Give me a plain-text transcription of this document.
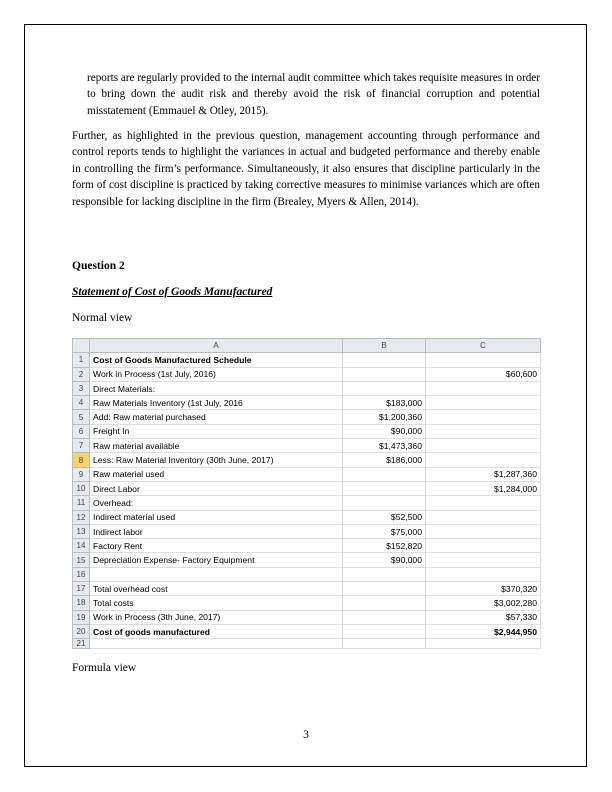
reports are regularly provided to the internal audit committee which takes requisite measures in order to bring down the audit risk and thereby avoid the risk of financial corruption and potential misstatement (Emmauel & Otley, 2015).
Further, as highlighted in the previous question, management accounting through performance and control reports tends to highlight the variances in actual and budgeted performance and thereby enable in controlling the firm’s performance. Simultaneously, it also ensures that discipline particularly in the form of cost discipline is practiced by taking corrective measures to minimise variances which are often responsible for lacking discipline in the firm (Brealey, Myers & Allen, 2014).
Question 2
Statement of Cost of Goods Manufactured
Normal view
	A	B	C
1	Cost of Goods Manufactured Schedule		
2	Work in Process (1st July, 2016)		$60,600
3	Direct Materials:		
4	Raw Materials Inventory (1st July, 2016	$183,000	
5	Add: Raw material purchased	$1,200,360	
6	Freight In	$90,000	
7	Raw material available	$1,473,360	
8	Less: Raw Material Inventory (30th June, 2017)	$186,000	
9	Raw material used		$1,287,360
10	Direct Labor		$1,284,000
11	Overhead:		
12	Indirect material used	$52,500	
13	Indirect labor	$75,000	
14	Factory Rent	$152,820	
15	Depreciation Expense- Factory Equipment	$90,000	
16			
17	Total overhead cost		$370,320
18	Total costs		$3,002,280
19	Work in Process (3th June, 2017)		$57,330
20	Cost of goods manufactured		$2,944,950
21			
Formula view
3
